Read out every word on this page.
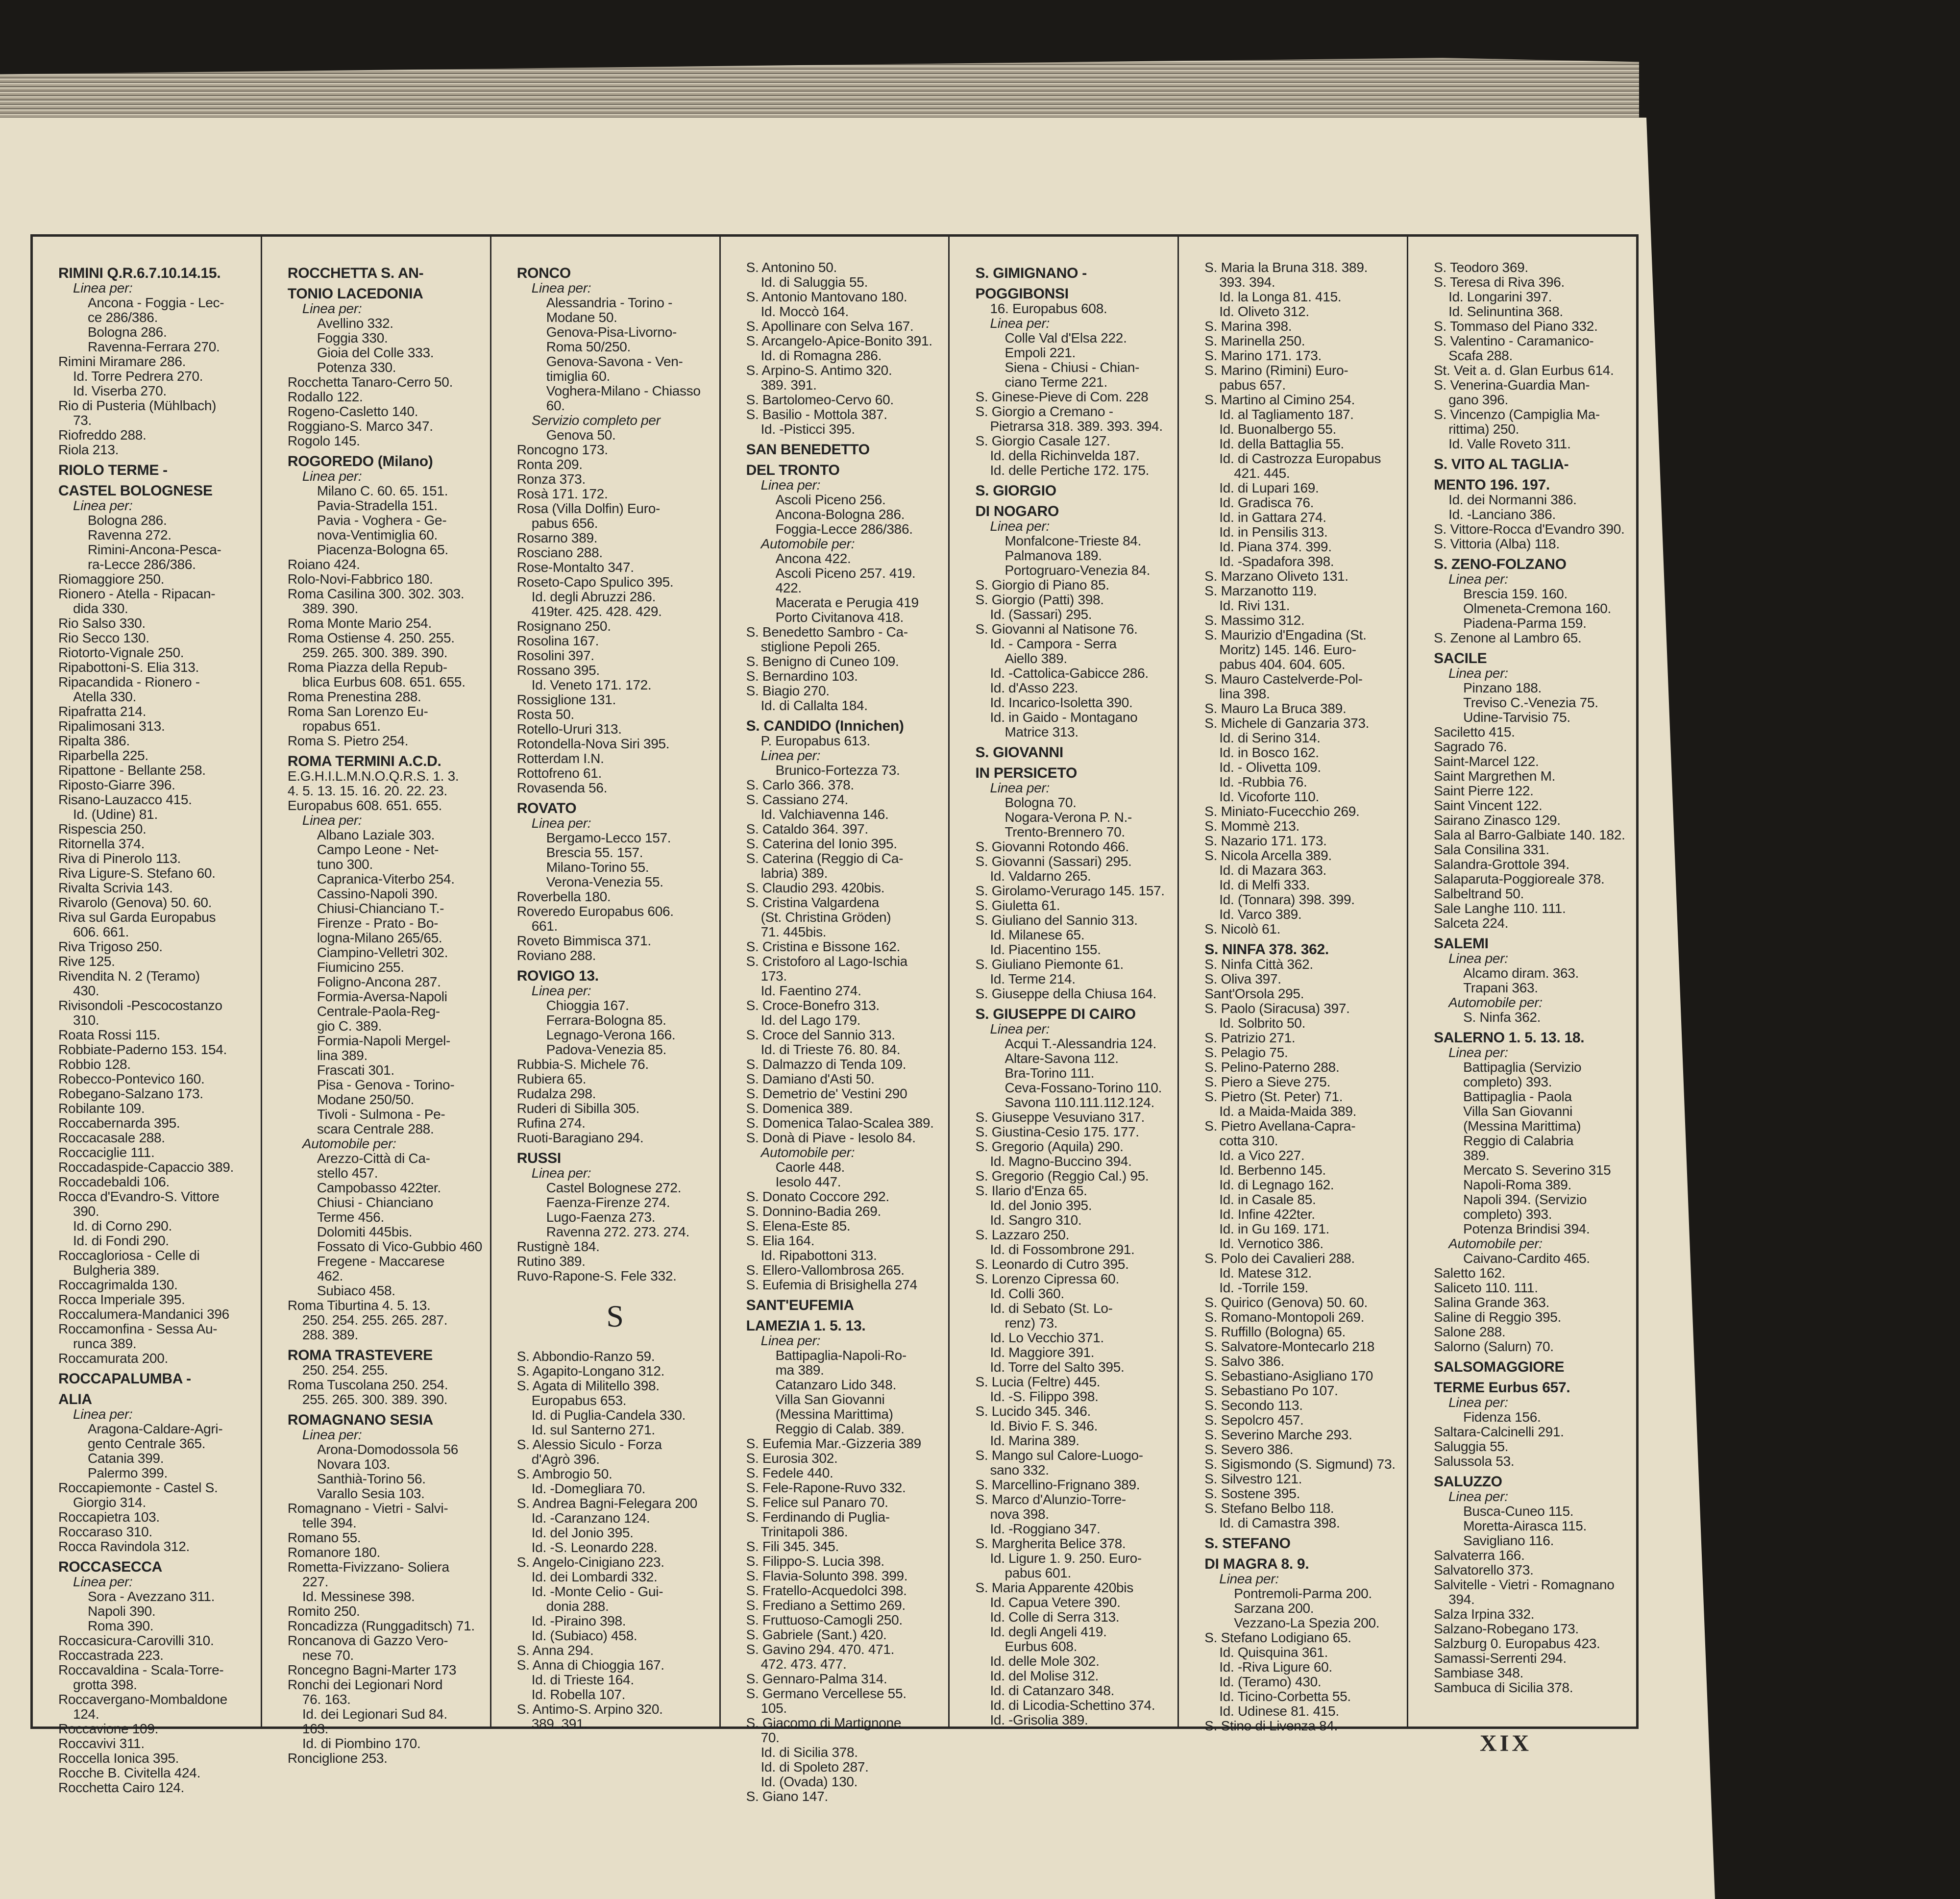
RIMINI Q.R.6.7.10.14.15.
Linea per:
Ancona - Foggia - Lec-
ce 286/386.
Bologna 286.
Ravenna-Ferrara 270.
Rimini Miramare 286.
Id. Torre Pedrera 270.
Id. Viserba 270.
Rio di Pusteria (Mühlbach)
73.
Riofreddo 288.
Riola 213.
RIOLO TERME -
CASTEL BOLOGNESE
Linea per:
Bologna 286.
Ravenna 272.
Rimini-Ancona-Pesca-
ra-Lecce 286/386.
Riomaggiore 250.
Rionero - Atella - Ripacan-
dida 330.
Rio Salso 330.
Rio Secco 130.
Riotorto-Vignale 250.
Ripabottoni-S. Elia 313.
Ripacandida - Rionero -
Atella 330.
Ripafratta 214.
Ripalimosani 313.
Ripalta 386.
Riparbella 225.
Ripattone - Bellante 258.
Riposto-Giarre 396.
Risano-Lauzacco 415.
Id. (Udine) 81.
Rispescia 250.
Ritornella 374.
Riva di Pinerolo 113.
Riva Ligure-S. Stefano 60.
Rivalta Scrivia 143.
Rivarolo (Genova) 50. 60.
Riva sul Garda Europabus
606. 661.
Riva Trigoso 250.
Rive 125.
Rivendita N. 2 (Teramo)
430.
Rivisondoli -Pescocostanzo
310.
Roata Rossi 115.
Robbiate-Paderno 153. 154.
Robbio 128.
Robecco-Pontevico 160.
Robegano-Salzano 173.
Robilante 109.
Roccabernarda 395.
Roccacasale 288.
Roccaciglie 111.
Roccadaspide-Capaccio 389.
Roccadebaldi 106.
Rocca d'Evandro-S. Vittore
390.
Id. di Corno 290.
Id. di Fondi 290.
Roccagloriosa - Celle di
Bulgheria 389.
Roccagrimalda 130.
Rocca Imperiale 395.
Roccalumera-Mandanici 396
Roccamonfina - Sessa Au-
runca 389.
Roccamurata 200.
ROCCAPALUMBA -
ALIA
Linea per:
Aragona-Caldare-Agri-
gento Centrale 365.
Catania 399.
Palermo 399.
Roccapiemonte - Castel S.
Giorgio 314.
Roccapietra 103.
Roccaraso 310.
Rocca Ravindola 312.
ROCCASECCA
Linea per:
Sora - Avezzano 311.
Napoli 390.
Roma 390.
Roccasicura-Carovilli 310.
Roccastrada 223.
Roccavaldina - Scala-Torre-
grotta 398.
Roccavergano-Mombaldone
124.
Roccavione 109.
Roccavivi 311.
Roccella Ionica 395.
Rocche B. Civitella 424.
Rocchetta Cairo 124.
ROCCHETTA S. AN-
TONIO LACEDONIA
Linea per:
Avellino 332.
Foggia 330.
Gioia del Colle 333.
Potenza 330.
Rocchetta Tanaro-Cerro 50.
Rodallo 122.
Rogeno-Casletto 140.
Roggiano-S. Marco 347.
Rogolo 145.
ROGOREDO (Milano)
Linea per:
Milano C. 60. 65. 151.
Pavia-Stradella 151.
Pavia - Voghera - Ge-
nova-Ventimiglia 60.
Piacenza-Bologna 65.
Roiano 424.
Rolo-Novi-Fabbrico 180.
Roma Casilina 300. 302. 303.
389. 390.
Roma Monte Mario 254.
Roma Ostiense 4. 250. 255.
259. 265. 300. 389. 390.
Roma Piazza della Repub-
blica Eurbus 608. 651. 655.
Roma Prenestina 288.
Roma San Lorenzo Eu-
ropabus 651.
Roma S. Pietro 254.
ROMA TERMINI A.C.D.
E.G.H.I.L.M.N.O.Q.R.S. 1. 3.
4. 5. 13. 15. 16. 20. 22. 23.
Europabus 608. 651. 655.
Linea per:
Albano Laziale 303.
Campo Leone - Net-
tuno 300.
Capranica-Viterbo 254.
Cassino-Napoli 390.
Chiusi-Chianciano T.-
Firenze - Prato - Bo-
logna-Milano 265/65.
Ciampino-Velletri 302.
Fiumicino 255.
Foligno-Ancona 287.
Formia-Aversa-Napoli
Centrale-Paola-Reg-
gio C. 389.
Formia-Napoli Mergel-
lina 389.
Frascati 301.
Pisa - Genova - Torino-
Modane 250/50.
Tivoli - Sulmona - Pe-
scara Centrale 288.
Automobile per:
Arezzo-Città di Ca-
stello 457.
Campobasso 422ter.
Chiusi - Chianciano
Terme 456.
Dolomiti 445bis.
Fossato di Vico-Gubbio 460
Fregene - Maccarese
462.
Subiaco 458.
Roma Tiburtina 4. 5. 13.
250. 254. 255. 265. 287.
288. 389.
ROMA TRASTEVERE
250. 254. 255.
Roma Tuscolana 250. 254.
255. 265. 300. 389. 390.
ROMAGNANO SESIA
Linea per:
Arona-Domodossola 56
Novara 103.
Santhià-Torino 56.
Varallo Sesia 103.
Romagnano - Vietri - Salvi-
telle 394.
Romano 55.
Romanore 180.
Rometta-Fivizzano- Soliera
227.
Id. Messinese 398.
Romito 250.
Roncadizza (Runggaditsch) 71.
Roncanova di Gazzo Vero-
nese 70.
Roncegno Bagni-Marter 173
Ronchi dei Legionari Nord
76. 163.
Id. dei Legionari Sud 84.
163.
Id. di Piombino 170.
Ronciglione 253.
RONCO
Linea per:
Alessandria - Torino -
Modane 50.
Genova-Pisa-Livorno-
Roma 50/250.
Genova-Savona - Ven-
timiglia 60.
Voghera-Milano - Chiasso
60.
Servizio completo per
Genova 50.
Roncogno 173.
Ronta 209.
Ronza 373.
Rosà 171. 172.
Rosa (Villa Dolfin) Euro-
pabus 656.
Rosarno 389.
Rosciano 288.
Rose-Montalto 347.
Roseto-Capo Spulico 395.
Id. degli Abruzzi 286.
419ter. 425. 428. 429.
Rosignano 250.
Rosolina 167.
Rosolini 397.
Rossano 395.
Id. Veneto 171. 172.
Rossiglione 131.
Rosta 50.
Rotello-Ururi 313.
Rotondella-Nova Siri 395.
Rotterdam I.N.
Rottofreno 61.
Rovasenda 56.
ROVATO
Linea per:
Bergamo-Lecco 157.
Brescia 55. 157.
Milano-Torino 55.
Verona-Venezia 55.
Roverbella 180.
Roveredo Europabus 606.
661.
Roveto Bimmisca 371.
Roviano 288.
ROVIGO 13.
Linea per:
Chioggia 167.
Ferrara-Bologna 85.
Legnago-Verona 166.
Padova-Venezia 85.
Rubbia-S. Michele 76.
Rubiera 65.
Rudalza 298.
Ruderi di Sibilla 305.
Rufina 274.
Ruoti-Baragiano 294.
RUSSI
Linea per:
Castel Bolognese 272.
Faenza-Firenze 274.
Lugo-Faenza 273.
Ravenna 272. 273. 274.
Rustignè 184.
Rutino 389.
Ruvo-Rapone-S. Fele 332.
S
S. Abbondio-Ranzo 59.
S. Agapito-Longano 312.
S. Agata di Militello 398.
Europabus 653.
Id. di Puglia-Candela 330.
Id. sul Santerno 271.
S. Alessio Siculo - Forza
d'Agrò 396.
S. Ambrogio 50.
Id. -Domegliara 70.
S. Andrea Bagni-Felegara 200
Id. -Caranzano 124.
Id. del Jonio 395.
Id. -S. Leonardo 228.
S. Angelo-Cinigiano 223.
Id. dei Lombardi 332.
Id. -Monte Celio - Gui-
donia 288.
Id. -Piraino 398.
Id. (Subiaco) 458.
S. Anna 294.
S. Anna di Chioggia 167.
Id. di Trieste 164.
Id. Robella 107.
S. Antimo-S. Arpino 320.
389. 391.
S. Antonino 50.
Id. di Saluggia 55.
S. Antonio Mantovano 180.
Id. Moccò 164.
S. Apollinare con Selva 167.
S. Arcangelo-Apice-Bonito 391.
Id. di Romagna 286.
S. Arpino-S. Antimo 320.
389. 391.
S. Bartolomeo-Cervo 60.
S. Basilio - Mottola 387.
Id. -Pisticci 395.
SAN BENEDETTO
DEL TRONTO
Linea per:
Ascoli Piceno 256.
Ancona-Bologna 286.
Foggia-Lecce 286/386.
Automobile per:
Ancona 422.
Ascoli Piceno 257. 419.
422.
Macerata e Perugia 419
Porto Civitanova 418.
S. Benedetto Sambro - Ca-
stiglione Pepoli 265.
S. Benigno di Cuneo 109.
S. Bernardino 103.
S. Biagio 270.
Id. di Callalta 184.
S. CANDIDO (Innichen)
P. Europabus 613.
Linea per:
Brunico-Fortezza 73.
S. Carlo 366. 378.
S. Cassiano 274.
Id. Valchiavenna 146.
S. Cataldo 364. 397.
S. Caterina del Ionio 395.
S. Caterina (Reggio di Ca-
labria) 389.
S. Claudio 293. 420bis.
S. Cristina Valgardena
(St. Christina Gröden)
71. 445bis.
S. Cristina e Bissone 162.
S. Cristoforo al Lago-Ischia
173.
Id. Faentino 274.
S. Croce-Bonefro 313.
Id. del Lago 179.
S. Croce del Sannio 313.
Id. di Trieste 76. 80. 84.
S. Dalmazzo di Tenda 109.
S. Damiano d'Asti 50.
S. Demetrio de' Vestini 290
S. Domenica 389.
S. Domenica Talao-Scalea 389.
S. Donà di Piave - Iesolo 84.
Automobile per:
Caorle 448.
Iesolo 447.
S. Donato Coccore 292.
S. Donnino-Badia 269.
S. Elena-Este 85.
S. Elia 164.
Id. Ripabottoni 313.
S. Ellero-Vallombrosa 265.
S. Eufemia di Brisighella 274
SANT'EUFEMIA
LAMEZIA 1. 5. 13.
Linea per:
Battipaglia-Napoli-Ro-
ma 389.
Catanzaro Lido 348.
Villa San Giovanni
(Messina Marittima)
Reggio di Calab. 389.
S. Eufemia Mar.-Gizzeria 389
S. Eurosia 302.
S. Fedele 440.
S. Fele-Rapone-Ruvo 332.
S. Felice sul Panaro 70.
S. Ferdinando di Puglia-
Trinitapoli 386.
S. Fili 345. 345.
S. Filippo-S. Lucia 398.
S. Flavia-Solunto 398. 399.
S. Fratello-Acquedolci 398.
S. Frediano a Settimo 269.
S. Fruttuoso-Camogli 250.
S. Gabriele (Sant.) 420.
S. Gavino 294. 470. 471.
472. 473. 477.
S. Gennaro-Palma 314.
S. Germano Vercellese 55.
105.
S. Giacomo di Martignone
70.
Id. di Sicilia 378.
Id. di Spoleto 287.
Id. (Ovada) 130.
S. Giano 147.
S. GIMIGNANO -
POGGIBONSI
16. Europabus 608.
Linea per:
Colle Val d'Elsa 222.
Empoli 221.
Siena - Chiusi - Chian-
ciano Terme 221.
S. Ginese-Pieve di Com. 228
S. Giorgio a Cremano -
Pietrarsa 318. 389. 393. 394.
S. Giorgio Casale 127.
Id. della Richinvelda 187.
Id. delle Pertiche 172. 175.
S. GIORGIO
DI NOGARO
Linea per:
Monfalcone-Trieste 84.
Palmanova 189.
Portogruaro-Venezia 84.
S. Giorgio di Piano 85.
S. Giorgio (Patti) 398.
Id. (Sassari) 295.
S. Giovanni al Natisone 76.
Id. - Campora - Serra
Aiello 389.
Id. -Cattolica-Gabicce 286.
Id. d'Asso 223.
Id. Incarico-Isoletta 390.
Id. in Gaido - Montagano
Matrice 313.
S. GIOVANNI
IN PERSICETO
Linea per:
Bologna 70.
Nogara-Verona P. N.-
Trento-Brennero 70.
S. Giovanni Rotondo 466.
S. Giovanni (Sassari) 295.
Id. Valdarno 265.
S. Girolamo-Verurago 145. 157.
S. Giuletta 61.
S. Giuliano del Sannio 313.
Id. Milanese 65.
Id. Piacentino 155.
S. Giuliano Piemonte 61.
Id. Terme 214.
S. Giuseppe della Chiusa 164.
S. GIUSEPPE DI CAIRO
Linea per:
Acqui T.-Alessandria 124.
Altare-Savona 112.
Bra-Torino 111.
Ceva-Fossano-Torino 110.
Savona 110.111.112.124.
S. Giuseppe Vesuviano 317.
S. Giustina-Cesio 175. 177.
S. Gregorio (Aquila) 290.
Id. Magno-Buccino 394.
S. Gregorio (Reggio Cal.) 95.
S. Ilario d'Enza 65.
Id. del Jonio 395.
Id. Sangro 310.
S. Lazzaro 250.
Id. di Fossombrone 291.
S. Leonardo di Cutro 395.
S. Lorenzo Cipressa 60.
Id. Colli 360.
Id. di Sebato (St. Lo-
renz) 73.
Id. Lo Vecchio 371.
Id. Maggiore 391.
Id. Torre del Salto 395.
S. Lucia (Feltre) 445.
Id. -S. Filippo 398.
S. Lucido 345. 346.
Id. Bivio F. S. 346.
Id. Marina 389.
S. Mango sul Calore-Luogo-
sano 332.
S. Marcellino-Frignano 389.
S. Marco d'Alunzio-Torre-
nova 398.
Id. -Roggiano 347.
S. Margherita Belice 378.
Id. Ligure 1. 9. 250. Euro-
pabus 601.
S. Maria Apparente 420bis
Id. Capua Vetere 390.
Id. Colle di Serra 313.
Id. degli Angeli 419.
Eurbus 608.
Id. delle Mole 302.
Id. del Molise 312.
Id. di Catanzaro 348.
Id. di Licodia-Schettino 374.
Id. -Grisolia 389.
S. Maria la Bruna 318. 389.
393. 394.
Id. la Longa 81. 415.
Id. Oliveto 312.
S. Marina 398.
S. Marinella 250.
S. Marino 171. 173.
S. Marino (Rimini) Euro-
pabus 657.
S. Martino al Cimino 254.
Id. al Tagliamento 187.
Id. Buonalbergo 55.
Id. della Battaglia 55.
Id. di Castrozza Europabus
421. 445.
Id. di Lupari 169.
Id. Gradisca 76.
Id. in Gattara 274.
Id. in Pensilis 313.
Id. Piana 374. 399.
Id. -Spadafora 398.
S. Marzano Oliveto 131.
S. Marzanotto 119.
Id. Rivi 131.
S. Massimo 312.
S. Maurizio d'Engadina (St.
Moritz) 145. 146. Euro-
pabus 404. 604. 605.
S. Mauro Castelverde-Pol-
lina 398.
S. Mauro La Bruca 389.
S. Michele di Ganzaria 373.
Id. di Serino 314.
Id. in Bosco 162.
Id. - Olivetta 109.
Id. -Rubbia 76.
Id. Vicoforte 110.
S. Miniato-Fucecchio 269.
S. Mommè 213.
S. Nazario 171. 173.
S. Nicola Arcella 389.
Id. di Mazara 363.
Id. di Melfi 333.
Id. (Tonnara) 398. 399.
Id. Varco 389.
S. Nicolò 61.
S. NINFA 378. 362.
S. Ninfa Città 362.
S. Oliva 397.
Sant'Orsola 295.
S. Paolo (Siracusa) 397.
Id. Solbrito 50.
S. Patrizio 271.
S. Pelagio 75.
S. Pelino-Paterno 288.
S. Piero a Sieve 275.
S. Pietro (St. Peter) 71.
Id. a Maida-Maida 389.
S. Pietro Avellana-Capra-
cotta 310.
Id. a Vico 227.
Id. Berbenno 145.
Id. di Legnago 162.
Id. in Casale 85.
Id. Infine 422ter.
Id. in Gu 169. 171.
Id. Vernotico 386.
S. Polo dei Cavalieri 288.
Id. Matese 312.
Id. -Torrile 159.
S. Quirico (Genova) 50. 60.
S. Romano-Montopoli 269.
S. Ruffillo (Bologna) 65.
S. Salvatore-Montecarlo 218
S. Salvo 386.
S. Sebastiano-Asigliano 170
S. Sebastiano Po 107.
S. Secondo 113.
S. Sepolcro 457.
S. Severino Marche 293.
S. Severo 386.
S. Sigismondo (S. Sigmund) 73.
S. Silvestro 121.
S. Sostene 395.
S. Stefano Belbo 118.
Id. di Camastra 398.
S. STEFANO
DI MAGRA 8. 9.
Linea per:
Pontremoli-Parma 200.
Sarzana 200.
Vezzano-La Spezia 200.
S. Stefano Lodigiano 65.
Id. Quisquina 361.
Id. -Riva Ligure 60.
Id. (Teramo) 430.
Id. Ticino-Corbetta 55.
Id. Udinese 81. 415.
S. Stino di Livenza 84.
S. Teodoro 369.
S. Teresa di Riva 396.
Id. Longarini 397.
Id. Selinuntina 368.
S. Tommaso del Piano 332.
S. Valentino - Caramanico-
Scafa 288.
St. Veit a. d. Glan Eurbus 614.
S. Venerina-Guardia Man-
gano 396.
S. Vincenzo (Campiglia Ma-
rittima) 250.
Id. Valle Roveto 311.
S. VITO AL TAGLIA-
MENTO 196. 197.
Id. dei Normanni 386.
Id. -Lanciano 386.
S. Vittore-Rocca d'Evandro 390.
S. Vittoria (Alba) 118.
S. ZENO-FOLZANO
Linea per:
Brescia 159. 160.
Olmeneta-Cremona 160.
Piadena-Parma 159.
S. Zenone al Lambro 65.
SACILE
Linea per:
Pinzano 188.
Treviso C.-Venezia 75.
Udine-Tarvisio 75.
Saciletto 415.
Sagrado 76.
Saint-Marcel 122.
Saint Margrethen M.
Saint Pierre 122.
Saint Vincent 122.
Sairano Zinasco 129.
Sala al Barro-Galbiate 140. 182.
Sala Consilina 331.
Salandra-Grottole 394.
Salaparuta-Poggioreale 378.
Salbeltrand 50.
Sale Langhe 110. 111.
Salceta 224.
SALEMI
Linea per:
Alcamo diram. 363.
Trapani 363.
Automobile per:
S. Ninfa 362.
SALERNO 1. 5. 13. 18.
Linea per:
Battipaglia (Servizio
completo) 393.
Battipaglia - Paola
Villa San Giovanni
(Messina Marittima)
Reggio di Calabria
389.
Mercato S. Severino 315
Napoli-Roma 389.
Napoli 394. (Servizio
completo) 393.
Potenza Brindisi 394.
Automobile per:
Caivano-Cardito 465.
Saletto 162.
Saliceto 110. 111.
Salina Grande 363.
Saline di Reggio 395.
Salone 288.
Salorno (Salurn) 70.
SALSOMAGGIORE
TERME Eurbus 657.
Linea per:
Fidenza 156.
Saltara-Calcinelli 291.
Saluggia 55.
Salussola 53.
SALUZZO
Linea per:
Busca-Cuneo 115.
Moretta-Airasca 115.
Savigliano 116.
Salvaterra 166.
Salvatorello 373.
Salvitelle - Vietri - Romagnano
394.
Salza Irpina 332.
Salzano-Robegano 173.
Salzburg 0. Europabus 423.
Samassi-Serrenti 294.
Sambiase 348.
Sambuca di Sicilia 378.
XIX
